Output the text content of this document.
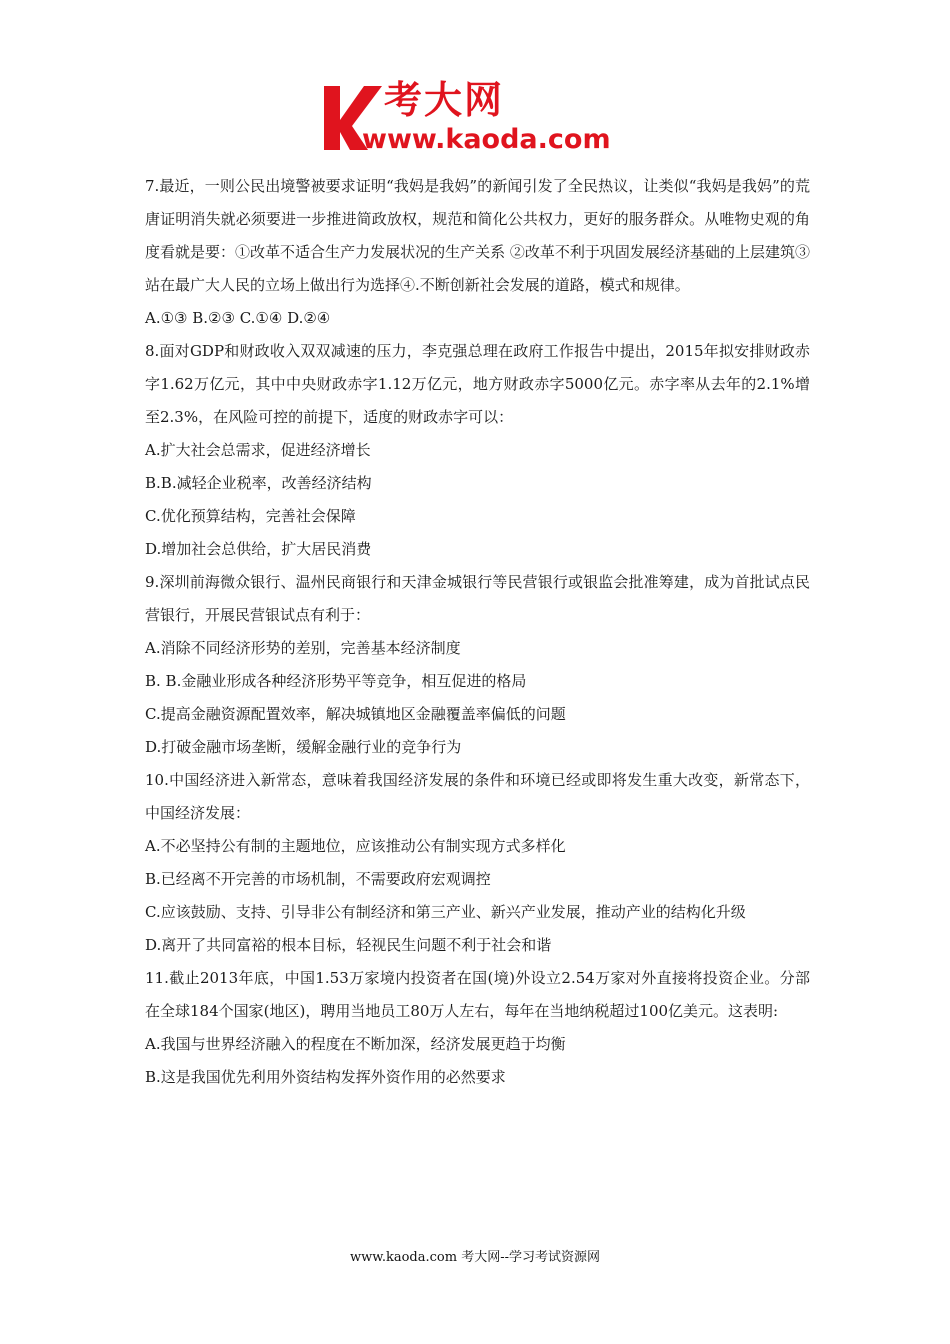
考大网
www.kaoda.com

7.最近，一则公民出境警被要求证明“我妈是我妈”的新闻引发了全民热议，让类似“我妈是我妈”的荒唐证明消失就必须要进一步推进简政放权，规范和简化公共权力，更好的服务群众。从唯物史观的角度看就是要：①改革不适合生产力发展状况的生产关系 ②改革不利于巩固发展经济基础的上层建筑③站在最广大人民的立场上做出行为选择④.不断创新社会发展的道路，模式和规律。

A.①③ B.②③ C.①④ D.②④

8.面对GDP和财政收入双双减速的压力，李克强总理在政府工作报告中提出，2015年拟安排财政赤字1.62万亿元，其中中央财政赤字1.12万亿元，地方财政赤字5000亿元。赤字率从去年的2.1%增至2.3%，在风险可控的前提下，适度的财政赤字可以：

A.扩大社会总需求，促进经济增长

B.B.减轻企业税率，改善经济结构

C.优化预算结构，完善社会保障

D.增加社会总供给，扩大居民消费

9.深圳前海微众银行、温州民商银行和天津金城银行等民营银行或银监会批准筹建，成为首批试点民营银行，开展民营银试点有利于：

A.消除不同经济形势的差别，完善基本经济制度

B. B.金融业形成各种经济形势平等竞争，相互促进的格局

C.提高金融资源配置效率，解决城镇地区金融覆盖率偏低的问题

D.打破金融市场垄断，缓解金融行业的竞争行为

10.中国经济进入新常态，意味着我国经济发展的条件和环境已经或即将发生重大改变，新常态下，中国经济发展：

A.不必坚持公有制的主题地位，应该推动公有制实现方式多样化

B.已经离不开完善的市场机制，不需要政府宏观调控

C.应该鼓励、支持、引导非公有制经济和第三产业、新兴产业发展，推动产业的结构化升级

D.离开了共同富裕的根本目标，轻视民生问题不利于社会和谐

11.截止2013年底，中国1.53万家境内投资者在国(境)外设立2.54万家对外直接将投资企业。分部在全球184个国家(地区)，聘用当地员工80万人左右，每年在当地纳税超过100亿美元。这表明:

A.我国与世界经济融入的程度在不断加深，经济发展更趋于均衡

B.这是我国优先利用外资结构发挥外资作用的必然要求

www.kaoda.com 考大网--学习考试资源网
